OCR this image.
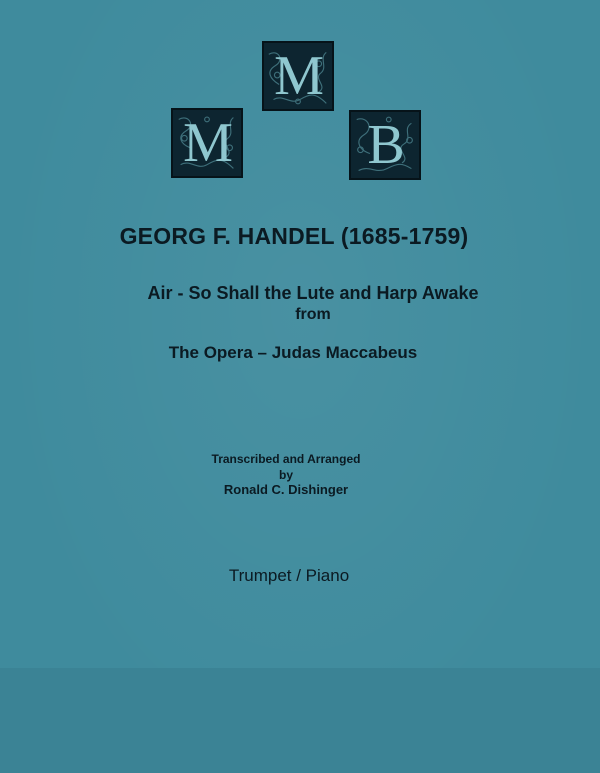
M
M
B
GEORG F. HANDEL (1685-1759)
Air - So Shall the Lute and Harp Awake
from
The Opera – Judas Maccabeus
Transcribed and Arranged
by
Ronald C. Dishinger
Trumpet / Piano
